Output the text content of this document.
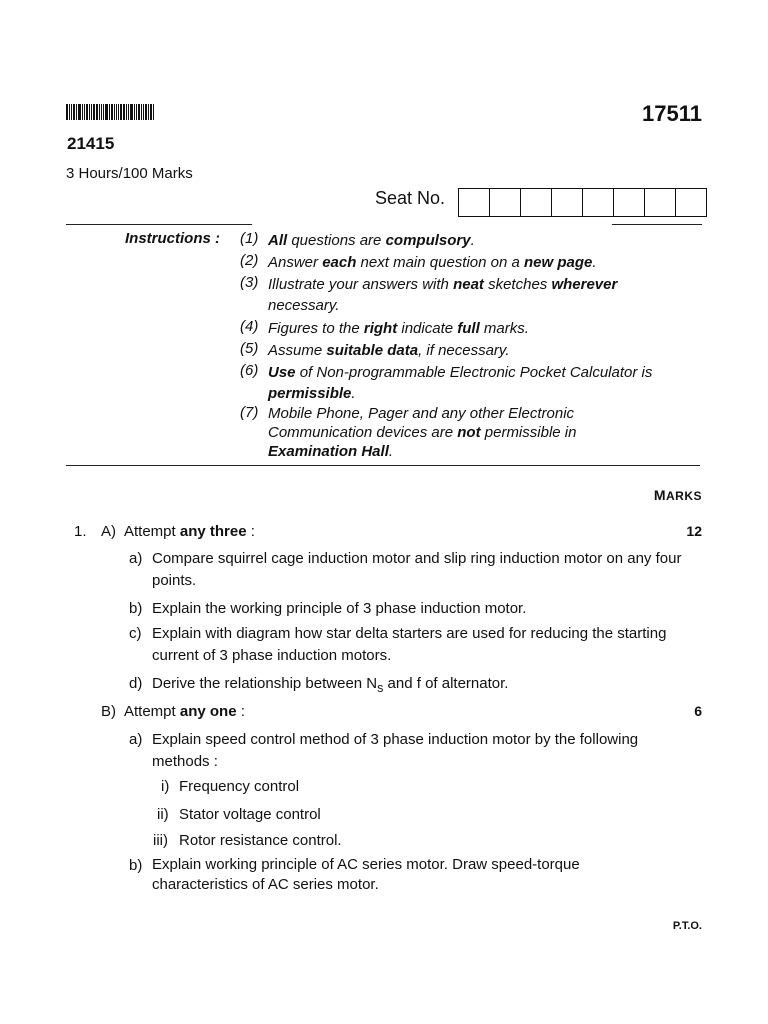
21415
17511
3 Hours/100 Marks
Seat No.
Instructions : (1) All questions are compulsory.
(2) Answer each next main question on a new page.
(3) Illustrate your answers with neat sketches wherever necessary.
(4) Figures to the right indicate full marks.
(5) Assume suitable data, if necessary.
(6) Use of Non-programmable Electronic Pocket Calculator is permissible.
(7) Mobile Phone, Pager and any other Electronic Communication devices are not permissible in Examination Hall.
MARKS
1. A) Attempt any three :	12
a) Compare squirrel cage induction motor and slip ring induction motor on any four points.
b) Explain the working principle of 3 phase induction motor.
c) Explain with diagram how star delta starters are used for reducing the starting current of 3 phase induction motors.
d) Derive the relationship between $N_s$ and f of alternator.
B) Attempt any one :	6
a) Explain speed control method of 3 phase induction motor by the following methods :
i) Frequency control
ii) Stator voltage control
iii) Rotor resistance control.
b) Explain working principle of AC series motor. Draw speed-torque characteristics of AC series motor.
P.T.O.
